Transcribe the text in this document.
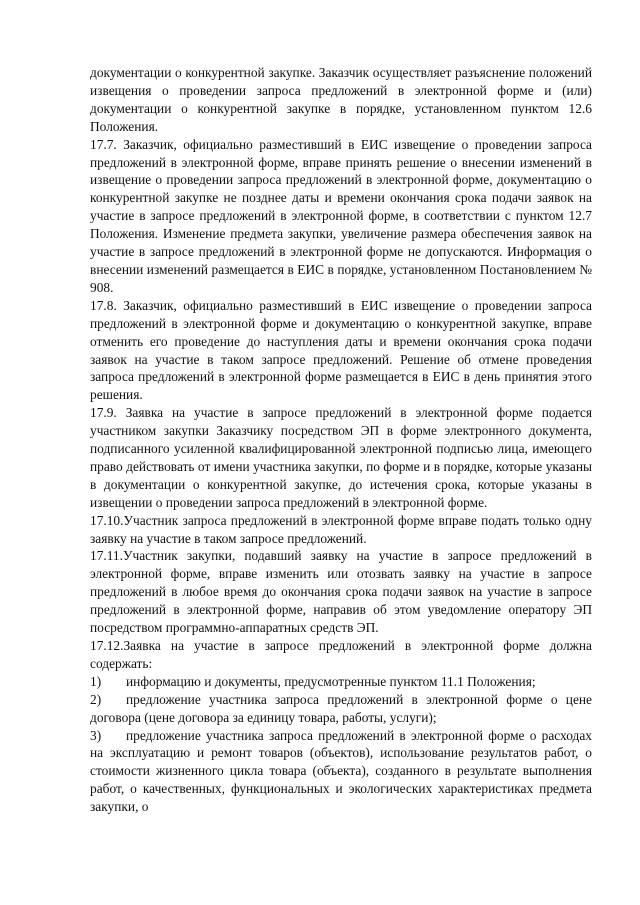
документации о конкурентной закупке. Заказчик осуществляет разъяснение положений извещения о проведении запроса предложений в электронной форме и (или) документации о конкурентной закупке в порядке, установленном пунктом 12.6 Положения.

17.7. Заказчик, официально разместивший в ЕИС извещение о проведении запроса предложений в электронной форме, вправе принять решение о внесении изменений в извещение о проведении запроса предложений в электронной форме, документацию о конкурентной закупке не позднее даты и времени окончания срока подачи заявок на участие в запросе предложений в электронной форме, в соответствии с пунктом 12.7 Положения. Изменение предмета закупки, увеличение размера обеспечения заявок на участие в запросе предложений в электронной форме не допускаются. Информация о внесении изменений размещается в ЕИС в порядке, установленном Постановлением № 908.

17.8. Заказчик, официально разместивший в ЕИС извещение о проведении запроса предложений в электронной форме и документацию о конкурентной закупке, вправе отменить его проведение до наступления даты и времени окончания срока подачи заявок на участие в таком запросе предложений. Решение об отмене проведения запроса предложений в электронной форме размещается в ЕИС в день принятия этого решения.

17.9. Заявка на участие в запросе предложений в электронной форме подается участником закупки Заказчику посредством ЭП в форме электронного документа, подписанного усиленной квалифицированной электронной подписью лица, имеющего право действовать от имени участника закупки, по форме и в порядке, которые указаны в документации о конкурентной закупке, до истечения срока, которые указаны в извещении о проведении запроса предложений в электронной форме.

17.10.Участник запроса предложений в электронной форме вправе подать только одну заявку на участие в таком запросе предложений.

17.11.Участник закупки, подавший заявку на участие в запросе предложений в электронной форме, вправе изменить или отозвать заявку на участие в запросе предложений в любое время до окончания срока подачи заявок на участие в запросе предложений в электронной форме, направив об этом уведомление оператору ЭП посредством программно-аппаратных средств ЭП.

17.12.Заявка на участие в запросе предложений в электронной форме должна содержать:

1) информацию и документы, предусмотренные пунктом 11.1 Положения;

2) предложение участника запроса предложений в электронной форме о цене договора (цене договора за единицу товара, работы, услуги);

3) предложение участника запроса предложений в электронной форме о расходах на эксплуатацию и ремонт товаров (объектов), использование результатов работ, о стоимости жизненного цикла товара (объекта), созданного в результате выполнения работ, о качественных, функциональных и экологических характеристиках предмета закупки, о
